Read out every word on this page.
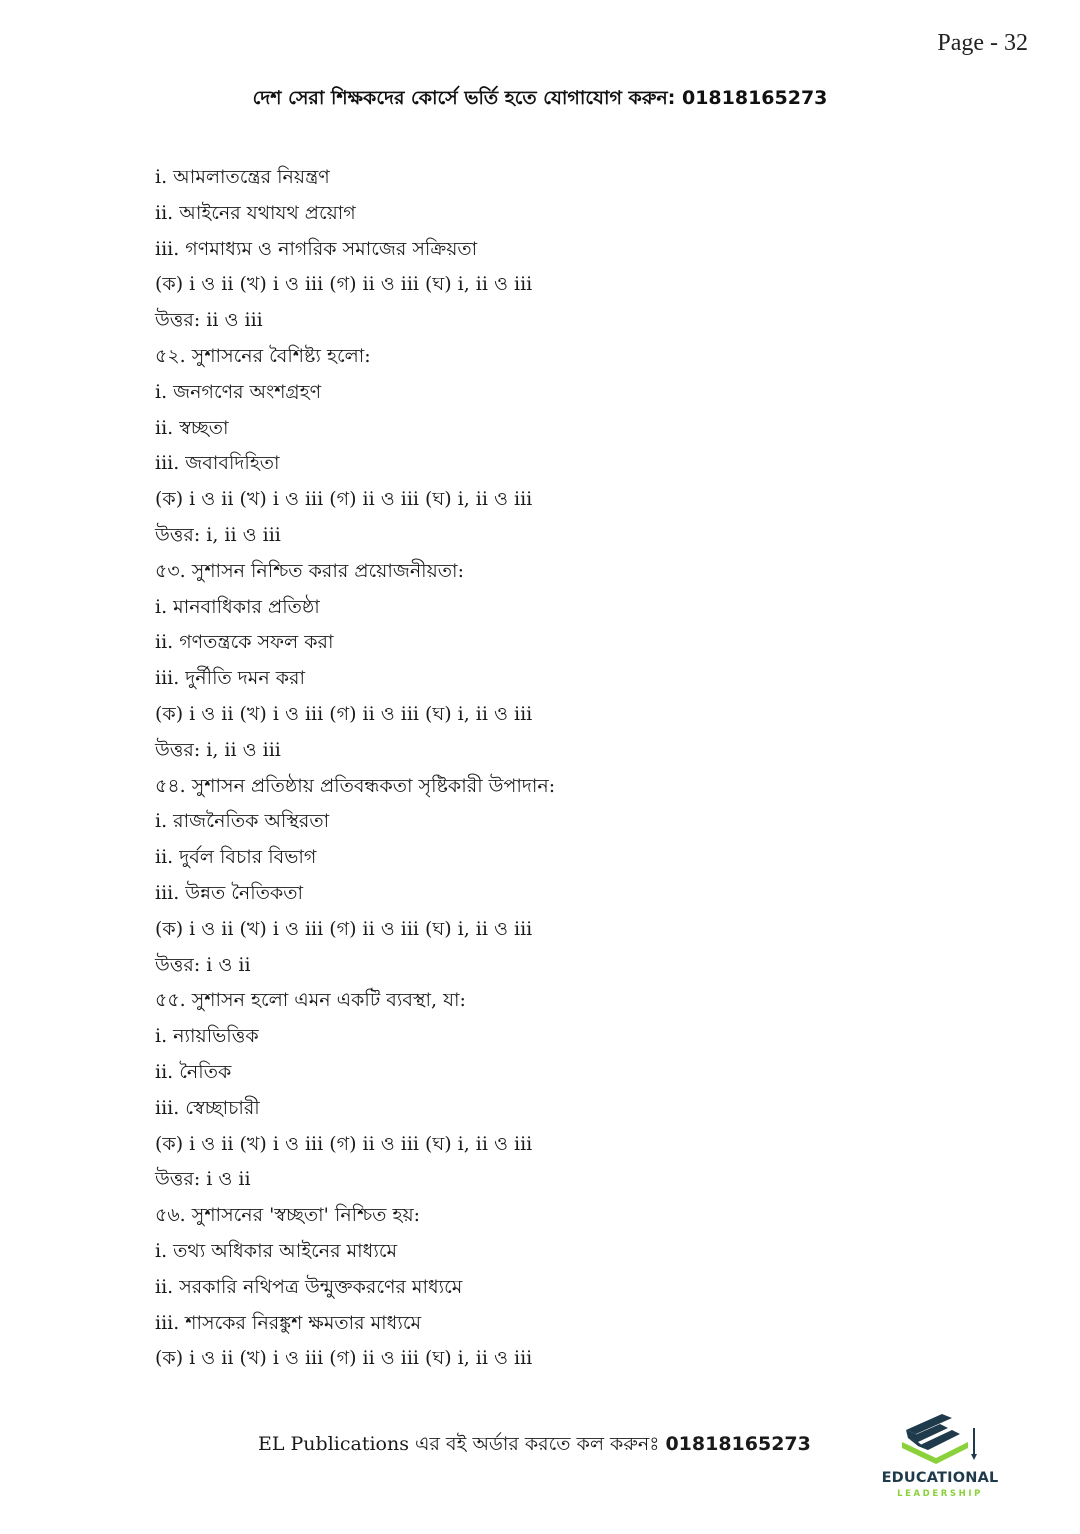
Page - 32
দেশ সেরা শিক্ষকদের কোর্সে ভর্তি হতে যোগাযোগ করুন: 01818165273
i. আমলাতন্ত্রের নিয়ন্ত্রণ
ii. আইনের যথাযথ প্রয়োগ
iii. গণমাধ্যম ও নাগরিক সমাজের সক্রিয়তা
(ক) i ও ii (খ) i ও iii (গ) ii ও iii (ঘ) i, ii ও iii
উত্তর: ii ও iii
৫২. সুশাসনের বৈশিষ্ট্য হলো:
i. জনগণের অংশগ্রহণ
ii. স্বচ্ছতা
iii. জবাবদিহিতা
(ক) i ও ii (খ) i ও iii (গ) ii ও iii (ঘ) i, ii ও iii
উত্তর: i, ii ও iii
৫৩. সুশাসন নিশ্চিত করার প্রয়োজনীয়তা:
i. মানবাধিকার প্রতিষ্ঠা
ii. গণতন্ত্রকে সফল করা
iii. দুর্নীতি দমন করা
(ক) i ও ii (খ) i ও iii (গ) ii ও iii (ঘ) i, ii ও iii
উত্তর: i, ii ও iii
৫৪. সুশাসন প্রতিষ্ঠায় প্রতিবন্ধকতা সৃষ্টিকারী উপাদান:
i. রাজনৈতিক অস্থিরতা
ii. দুর্বল বিচার বিভাগ
iii. উন্নত নৈতিকতা
(ক) i ও ii (খ) i ও iii (গ) ii ও iii (ঘ) i, ii ও iii
উত্তর: i ও ii
৫৫. সুশাসন হলো এমন একটি ব্যবস্থা, যা:
i. ন্যায়ভিত্তিক
ii. নৈতিক
iii. স্বেচ্ছাচারী
(ক) i ও ii (খ) i ও iii (গ) ii ও iii (ঘ) i, ii ও iii
উত্তর: i ও ii
৫৬. সুশাসনের 'স্বচ্ছতা' নিশ্চিত হয়:
i. তথ্য অধিকার আইনের মাধ্যমে
ii. সরকারি নথিপত্র উন্মুক্তকরণের মাধ্যমে
iii. শাসকের নিরঙ্কুশ ক্ষমতার মাধ্যমে
(ক) i ও ii (খ) i ও iii (গ) ii ও iii (ঘ) i, ii ও iii
EL Publications এর বই অর্ডার করতে কল করুনঃ 01818165273
EDUCATIONAL
LEADERSHIP
